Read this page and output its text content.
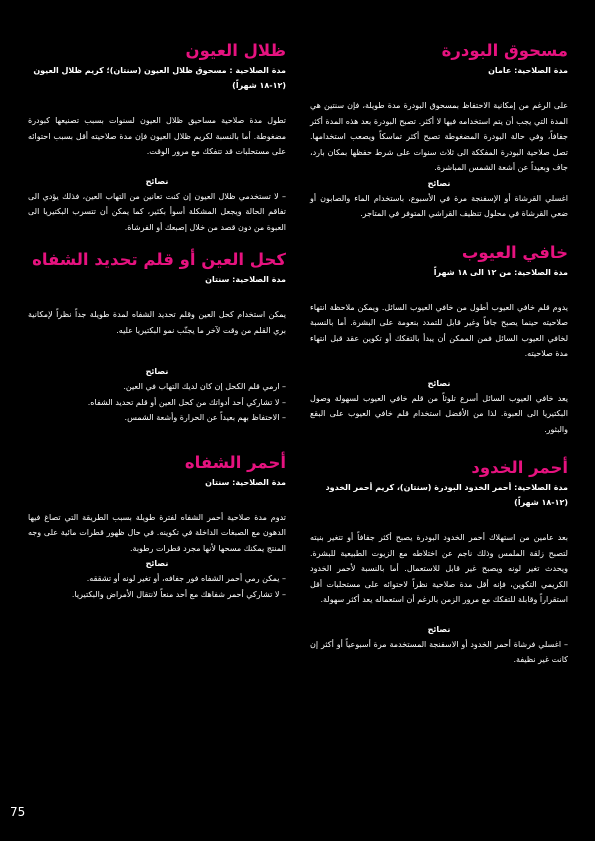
مسحوق البودرة

مدة الصلاحية: عامان

على الرغم من إمكانية الاحتفاظ بمسحوق البودرة مدة طويلة، فإن سنتين هي المدة التي يجب أن يتم استخدامه فيها لا أكثر. تصبح البودرة بعد هذه المدة أكثر جفافاً، وفي حالة البودرة المضغوطة تصبح أكثر تماسكاً ويصعب استخدامها. تصل صلاحية البودرة المفككة الى ثلاث سنوات على شرط حفظها بمكان بارد، جاف وبعيداً عن أشعة الشمس المباشرة.

نصائح

اغسلي القرشاة أو الإسفنجة مرة في الأسبوع، باستخدام الماء والصابون أو ضعي القرشاة في محلول تنظيف القراشي المتوفر في المتاجر.

خافي العيوب

مدة الصلاحية: من ١٢ الى ١٨ شهراً

يدوم قلم خافي العيوب أطول من خافي العيوب السائل. ويمكن ملاحظة انتهاء صلاحيته حينما يصبح جافاً وغير قابل للتمدد بنعومة على البشرة. أما بالنسبة لخافي العيوب السائل فمن الممكن أن يبدأ بالتفكك أو تكوين عقد قبل انتهاء مدة صلاحيته.

نصائح

يعد خافي العيوب السائل أسرع تلوثاً من قلم خافي العيوب لسهولة وصول البكتيريا الى العبوة. لذا من الأفضل استخدام قلم خافي العيوب على البقع والبثور.

أحمر الخدود

مدة الصلاحية: أحمر الخدود البودرة (سنتان)، كريم أحمر الخدود (١٢-١٨ شهراً)

بعد عامين من استهلاك أحمر الخدود البودرة يصبح أكثر جفافاً أو تتغير بنيته لتصبح زلقة الملمس وذلك ناجم عن اختلاطه مع الزيوت الطبيعية للبشرة. ويحدث تغير لونه ويصبح غير قابل للاستعمال. أما بالنسبة لأحمر الخدود الكريمي التكوين، فإنه أقل مدة صلاحية نظراً لاحتوائه على مستحلبات أقل استقراراً وقابلة للتفكك مع مرور الزمن بالرغم أن استعماله يعد أكثر سهولة.

نصائح

– اغسلي فرشاة أحمر الخدود أو الاسفنجة المستخدمة مرة أسبوعياً أو أكثر إن كانت غير نظيفة.

ظلال العيون

مدة الصلاحية : مسحوق ظلال العيون (سنتان)؛ كريم ظلال العيون (١٢-١٨ شهراً)

تطول مدة صلاحية مساحيق ظلال العيون لسنوات بسبب تصنيعها كبودرة مضغوطة. أما بالنسبة لكريم ظلال العيون فإن مدة صلاحيته أقل بسبب احتوائه على مستحلبات قد تتفكك مع مرور الوقت.

نصائح

– لا تستخدمي ظلال العيون إن كنت تعانين من التهاب العين، فذلك يؤدي الى تفاقم الحالة ويجعل المشكلة أسوأ بكثير، كما يمكن أن تتسرب البكتيريا الى العبوة من دون قصد من خلال إصبعك أو الفرشاة.

كحل العين أو قلم تحديد الشفاه

مدة الصلاحية: سنتان

يمكن استخدام كحل العين وقلم تحديد الشفاه لمدة طويلة جداً نظراً لإمكانية بري القلم من وقت لآخر ما يجنّب نمو البكتيريا عليه.

نصائح

– ارمي قلم الكحل إن كان لديك التهاب في العين.

– لا تشاركي أحد أدواتك من كحل العين أو قلم تحديد الشفاه.

– الاحتفاظ بهم بعيداً عن الحرارة وأشعة الشمس.

أحمر الشفاه

مدة الصلاحية: سنتان

تدوم مدة صلاحية أحمر الشفاه لفترة طويلة بسبب الطريقة التي تصاغ فيها الدهون مع الصبغات الداخلة في تكوينه. في حال ظهور قطرات مائية على وجه المنتج يمكنك مسحها لأنها مجرد قطرات رطوبة.

نصائح

– يمكن رمي أحمر الشفاه فور جفافه، أو تغير لونه أو تشققه.

– لا تشاركي أحمر شفاهك مع أحد منعاً لانتقال الأمراض والبكتيريا.

75
